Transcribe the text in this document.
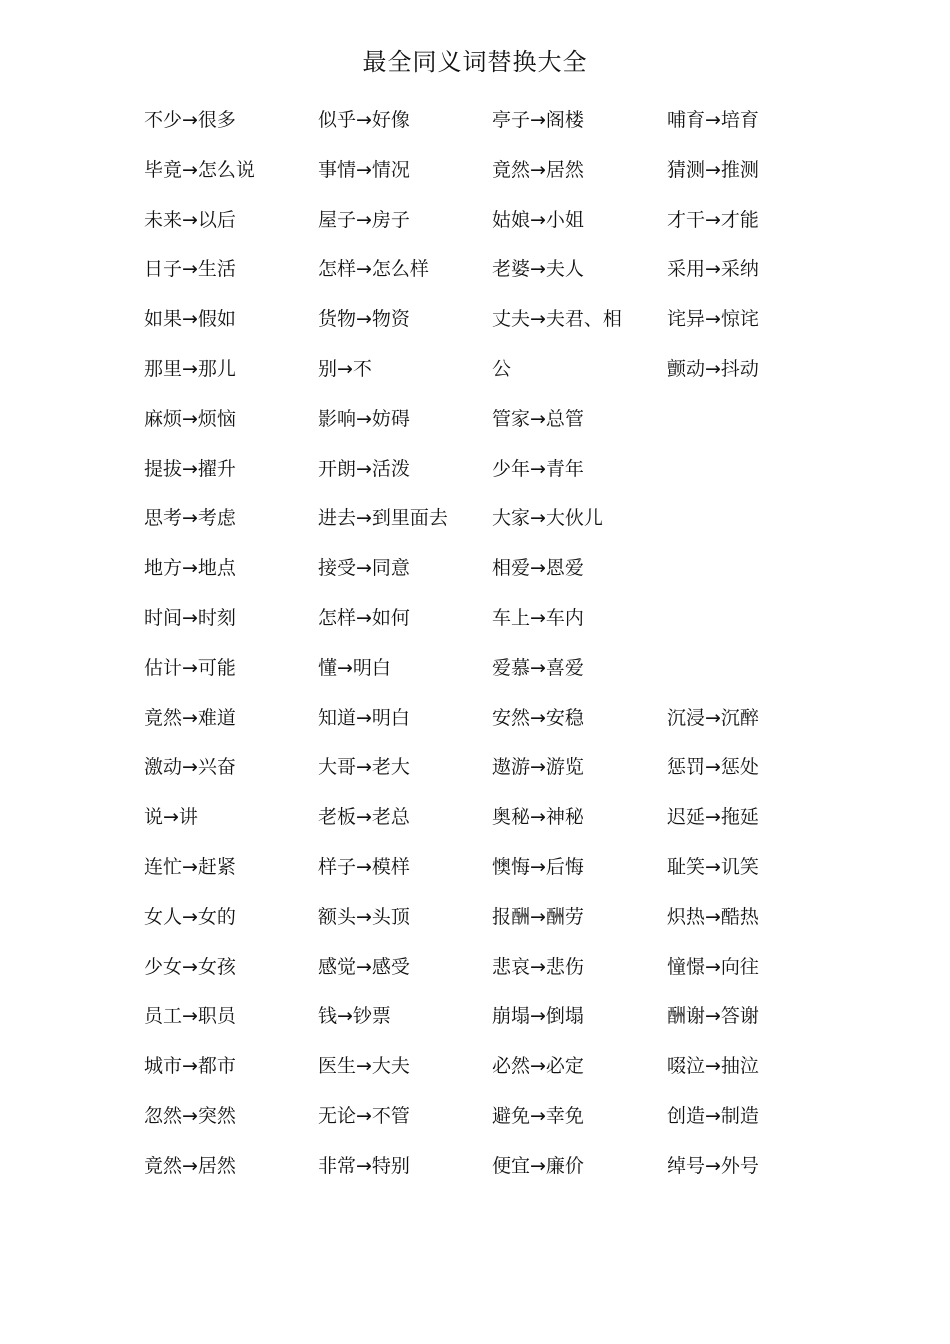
最全同义词替换大全
不少→很多
毕竟→怎么说
未来→以后
日子→生活
如果→假如
那里→那儿
麻烦→烦恼
提拔→擢升
思考→考虑
地方→地点
时间→时刻
估计→可能
竟然→难道
激动→兴奋
说→讲
连忙→赶紧
女人→女的
少女→女孩
员工→职员
城市→都市
忽然→突然
竟然→居然
似乎→好像
事情→情况
屋子→房子
怎样→怎么样
货物→物资
别→不
影响→妨碍
开朗→活泼
进去→到里面去
接受→同意
怎样→如何
懂→明白
知道→明白
大哥→老大
老板→老总
样子→模样
额头→头顶
感觉→感受
钱→钞票
医生→大夫
无论→不管
非常→特别
亭子→阁楼
竟然→居然
姑娘→小姐
老婆→夫人
丈夫→夫君、相
公
管家→总管
少年→青年
大家→大伙儿
相爱→恩爱
车上→车内
爱慕→喜爱
安然→安稳
遨游→游览
奥秘→神秘
懊悔→后悔
报酬→酬劳
悲哀→悲伤
崩塌→倒塌
必然→必定
避免→幸免
便宜→廉价
哺育→培育
猜测→推测
才干→才能
采用→采纳
诧异→惊诧
颤动→抖动
沉浸→沉醉
惩罚→惩处
迟延→拖延
耻笑→讥笑
炽热→酷热
憧憬→向往
酬谢→答谢
啜泣→抽泣
创造→制造
绰号→外号
